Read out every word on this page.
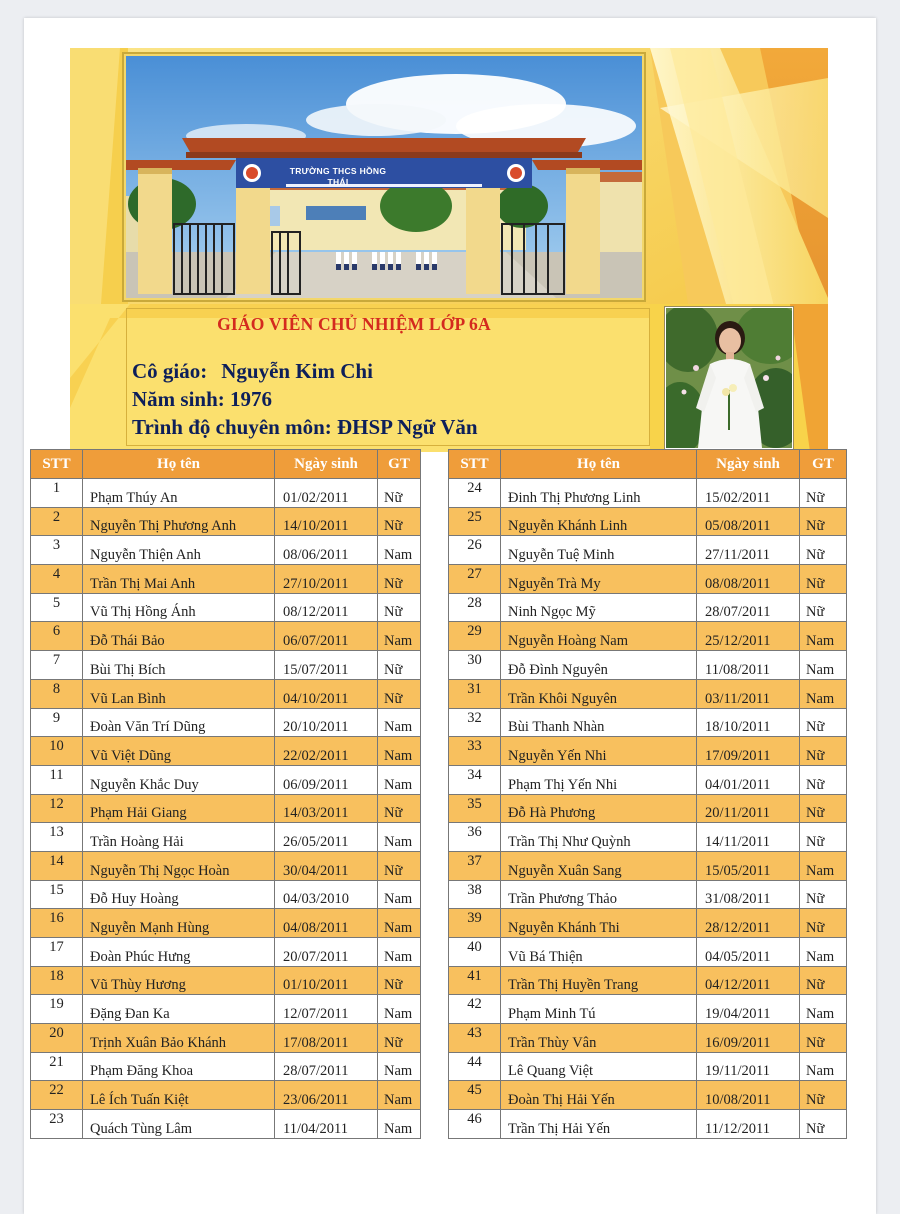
TRƯỜNG THCS HỒNG THÁI
GIÁO VIÊN CHỦ NHIỆM LỚP 6A
Cô giáo: Nguyễn Kim Chi
Năm sinh: 1976
Trình độ chuyên môn: ĐHSP Ngữ Văn
STT	Họ tên	Ngày sinh	GT
1	Phạm Thúy An	01/02/2011	Nữ
2	Nguyễn Thị Phương Anh	14/10/2011	Nữ
3	Nguyễn Thiện Anh	08/06/2011	Nam
4	Trần Thị Mai Anh	27/10/2011	Nữ
5	Vũ Thị Hồng Ánh	08/12/2011	Nữ
6	Đỗ Thái Bảo	06/07/2011	Nam
7	Bùi Thị Bích	15/07/2011	Nữ
8	Vũ Lan Bình	04/10/2011	Nữ
9	Đoàn Văn Trí Dũng	20/10/2011	Nam
10	Vũ Việt Dũng	22/02/2011	Nam
11	Nguyễn Khắc Duy	06/09/2011	Nam
12	Phạm Hải Giang	14/03/2011	Nữ
13	Trần Hoàng Hải	26/05/2011	Nam
14	Nguyễn Thị Ngọc Hoàn	30/04/2011	Nữ
15	Đỗ Huy Hoàng	04/03/2010	Nam
16	Nguyễn Mạnh Hùng	04/08/2011	Nam
17	Đoàn Phúc Hưng	20/07/2011	Nam
18	Vũ Thùy Hương	01/10/2011	Nữ
19	Đặng Đan Ka	12/07/2011	Nam
20	Trịnh Xuân Bảo Khánh	17/08/2011	Nữ
21	Phạm Đăng Khoa	28/07/2011	Nam
22	Lê Ích Tuấn Kiệt	23/06/2011	Nam
23	Quách Tùng Lâm	11/04/2011	Nam
STT	Họ tên	Ngày sinh	GT
24	Đinh Thị Phương Linh	15/02/2011	Nữ
25	Nguyễn Khánh Linh	05/08/2011	Nữ
26	Nguyễn Tuệ Minh	27/11/2011	Nữ
27	Nguyễn Trà My	08/08/2011	Nữ
28	Ninh Ngọc Mỹ	28/07/2011	Nữ
29	Nguyễn Hoàng Nam	25/12/2011	Nam
30	Đỗ Đình Nguyên	11/08/2011	Nam
31	Trần Khôi Nguyên	03/11/2011	Nam
32	Bùi Thanh Nhàn	18/10/2011	Nữ
33	Nguyễn Yến Nhi	17/09/2011	Nữ
34	Phạm Thị Yến Nhi	04/01/2011	Nữ
35	Đỗ Hà Phương	20/11/2011	Nữ
36	Trần Thị Như Quỳnh	14/11/2011	Nữ
37	Nguyễn Xuân Sang	15/05/2011	Nam
38	Trần Phương Thảo	31/08/2011	Nữ
39	Nguyễn Khánh Thi	28/12/2011	Nữ
40	Vũ Bá Thiện	04/05/2011	Nam
41	Trần Thị Huyền Trang	04/12/2011	Nữ
42	Phạm Minh Tú	19/04/2011	Nam
43	Trần Thùy Vân	16/09/2011	Nữ
44	Lê Quang Việt	19/11/2011	Nam
45	Đoàn Thị Hải Yến	10/08/2011	Nữ
46	Trần Thị Hải Yến	11/12/2011	Nữ
